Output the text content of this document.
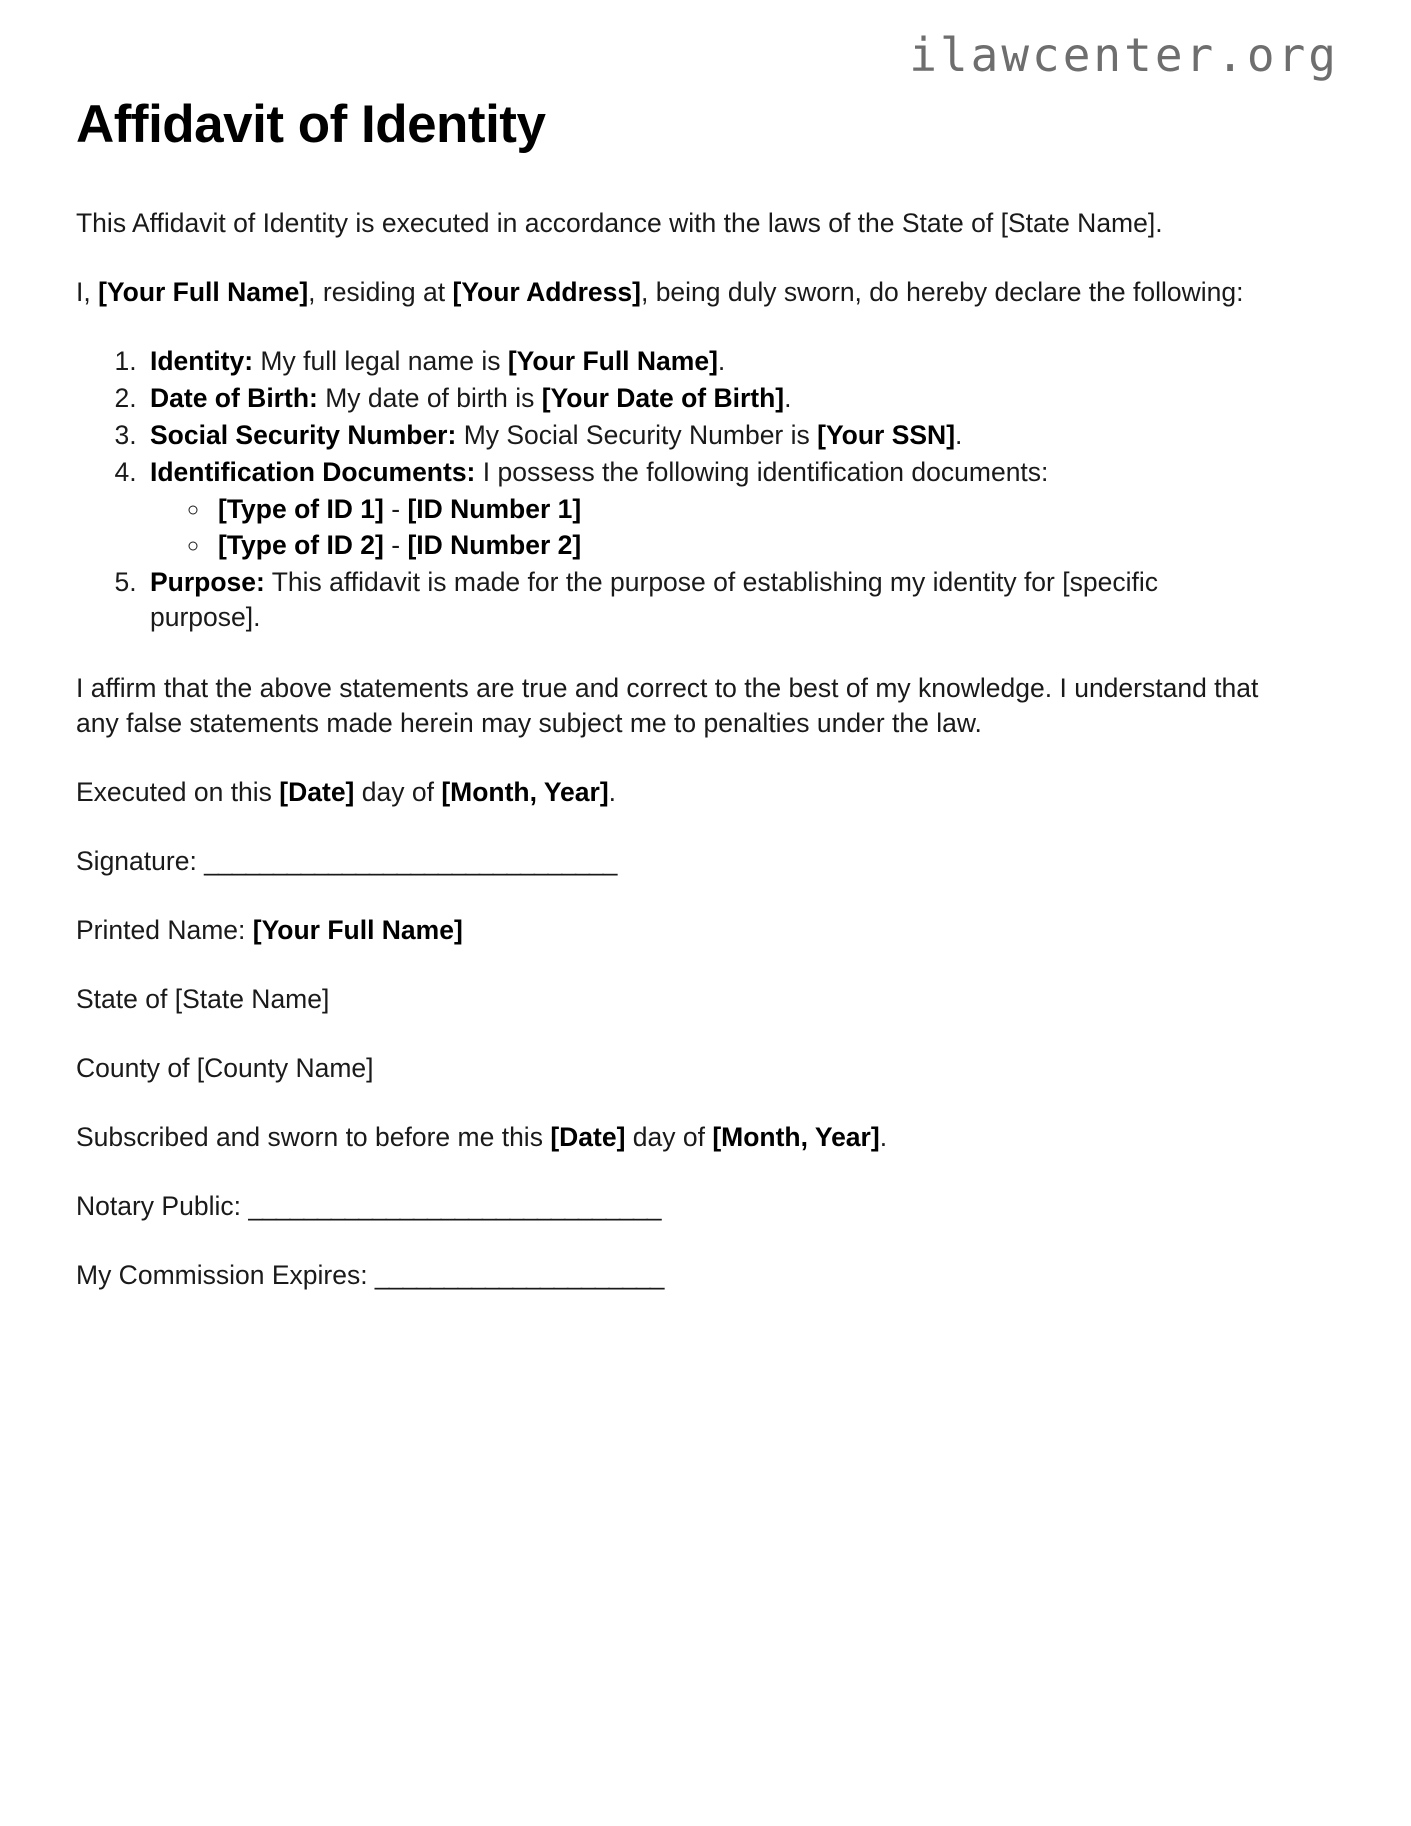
ilawcenter.org
Affidavit of Identity

This Affidavit of Identity is executed in accordance with the laws of the State of [State Name].

I, [Your Full Name], residing at [Your Address], being duly sworn, do hereby declare the following:

1. Identity: My full legal name is [Your Full Name].
2. Date of Birth: My date of birth is [Your Date of Birth].
3. Social Security Number: My Social Security Number is [Your SSN].
4. Identification Documents: I possess the following identification documents:
◦ [Type of ID 1] - [ID Number 1]
◦ [Type of ID 2] - [ID Number 2]
5. Purpose: This affidavit is made for the purpose of establishing my identity for [specific purpose].

I affirm that the above statements are true and correct to the best of my knowledge. I understand that any false statements made herein may subject me to penalties under the law.

Executed on this [Date] day of [Month, Year].

Signature: ______________________________
Printed Name: [Your Full Name]
State of [State Name]
County of [County Name]
Subscribed and sworn to before me this [Date] day of [Month, Year].
Notary Public: ______________________________
My Commission Expires: _____________________
